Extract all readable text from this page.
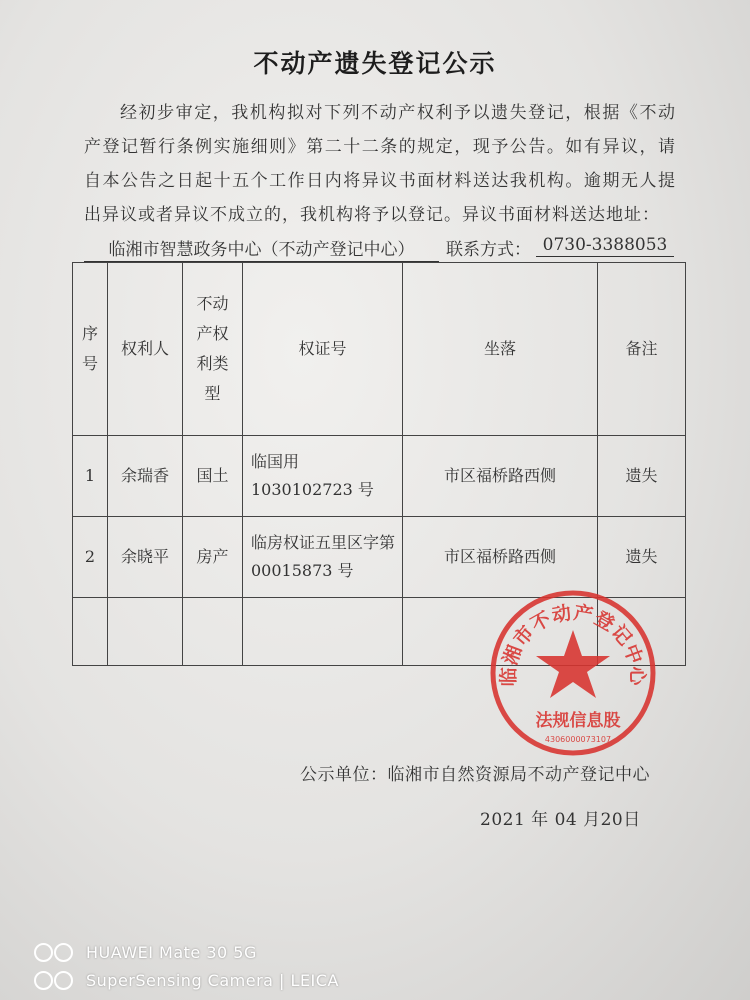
不动产遗失登记公示
经初步审定，我机构拟对下列不动产权利予以遗失登记，根据《不动产登记暂行条例实施细则》第二十二条的规定，现予公告。如有异议，请自本公告之日起十五个工作日内将异议书面材料送达我机构。逾期无人提出异议或者异议不成立的，我机构将予以登记。异议书面材料送达地址：
临湘市智慧政务中心（不动产登记中心）	联系方式： 0730-3388053
序号	权利人	不动产权利类型	权证号	坐落	备注
1	余瑞香	国土	临国用 1030102723 号	市区福桥路西侧	遗失
2	余晓平	房产	临房权证五里区字第 00015873 号	市区福桥路西侧	遗失

临湘市不动产登记中心
法规信息股
4306000073107
公示单位：临湘市自然资源局不动产登记中心
2021 年 04 月20日
HUAWEI Mate 30 5G
SuperSensing Camera | LEICA
